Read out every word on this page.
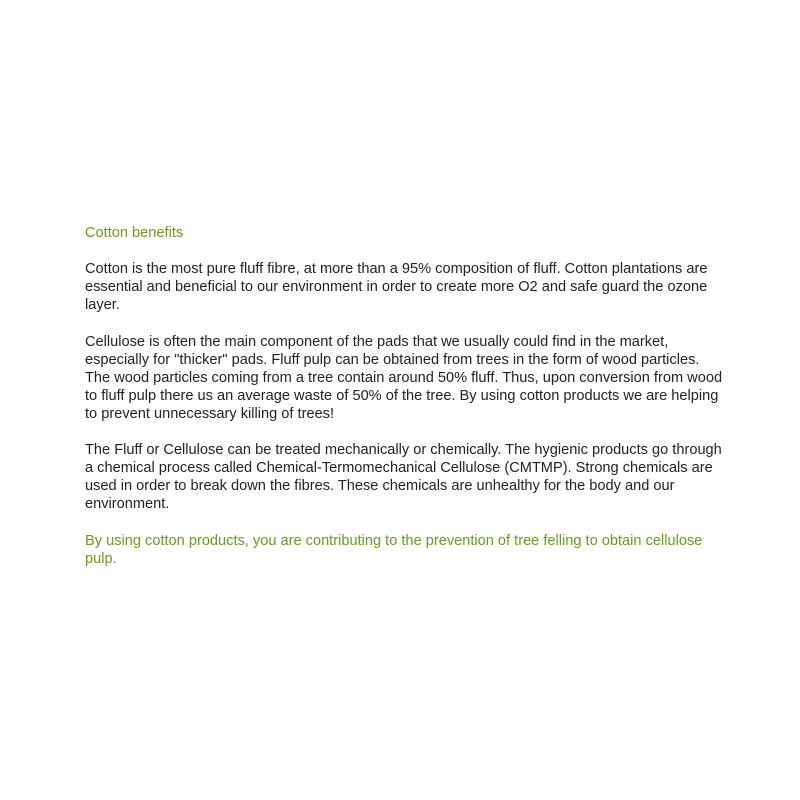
Cotton benefits

Cotton is the most pure fluff fibre, at more than a 95% composition of fluff. Cotton plantations are essential and beneficial to our environment in order to create more O2 and safe guard the ozone layer.

Cellulose is often the main component of the pads that we usually could find in the market, especially for "thicker" pads. Fluff pulp can be obtained from trees in the form of wood particles. The wood particles coming from a tree contain around 50% fluff. Thus, upon conversion from wood to fluff pulp there us an average waste of 50% of the tree. By using cotton products we are helping to prevent unnecessary killing of trees!

The Fluff or Cellulose can be treated mechanically or chemically. The hygienic products go through a chemical process called Chemical-Termomechanical Cellulose (CMTMP). Strong chemicals are used in order to break down the fibres. These chemicals are unhealthy for the body and our environment.

By using cotton products, you are contributing to the prevention of tree felling to obtain cellulose pulp.
